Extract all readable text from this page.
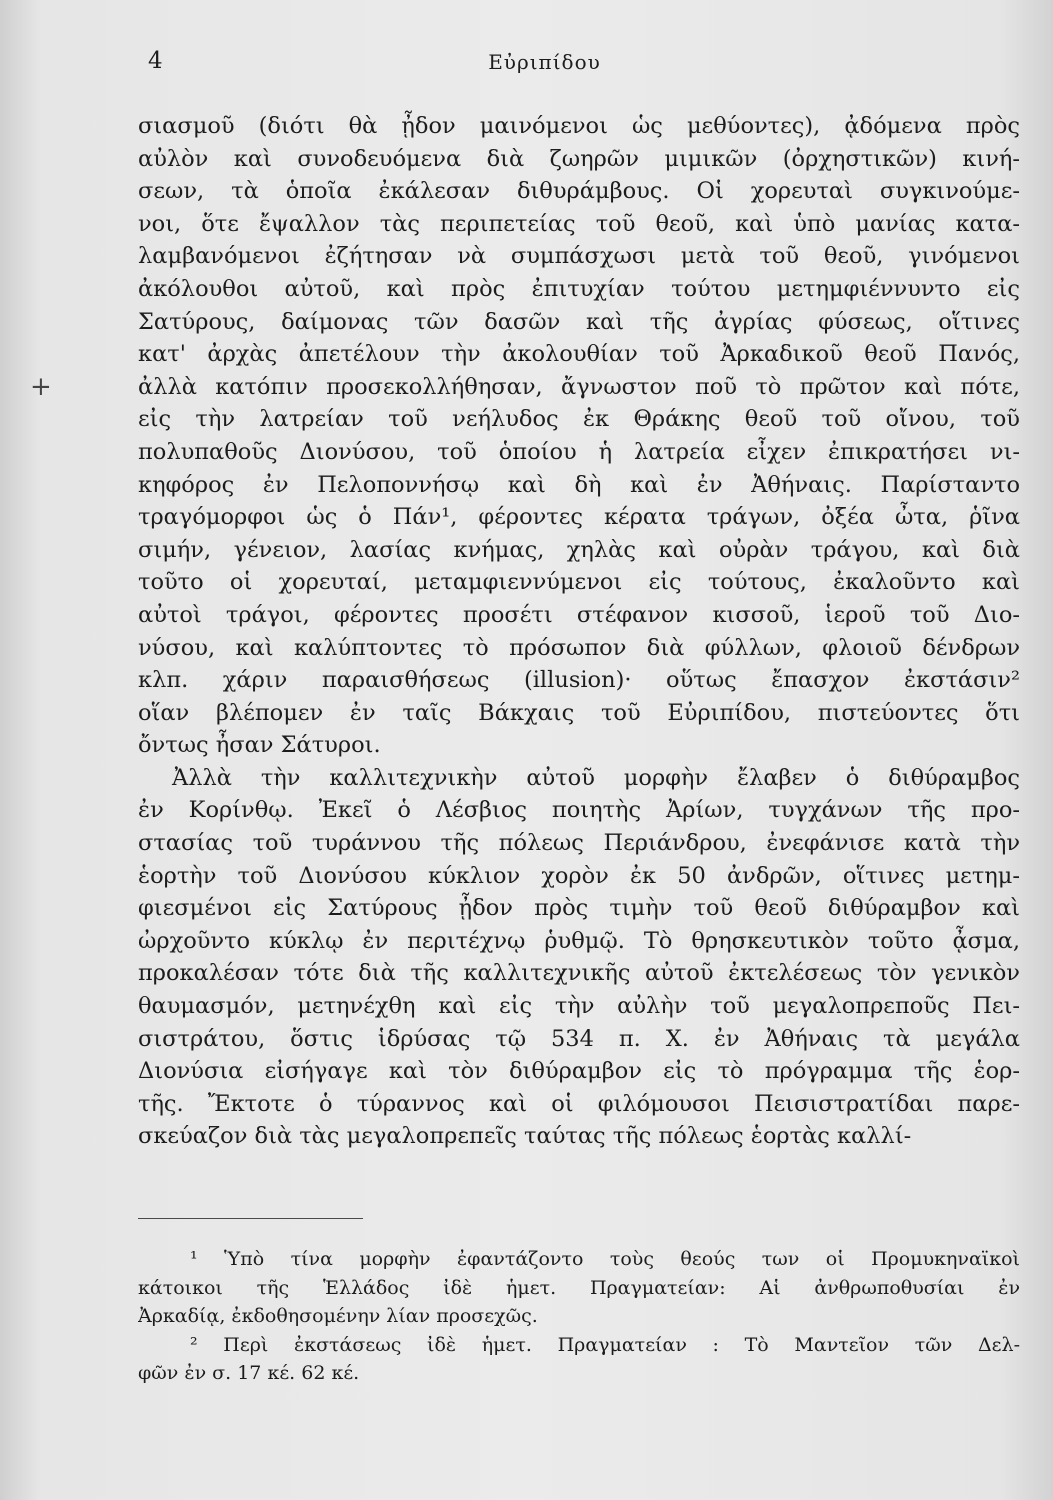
4	Εὐριπίδου
+
σιασμοῦ (διότι θὰ ᾖδον μαινόμενοι ὡς μεθύοντες), ᾀδόμενα πρὸς
αὐλὸν καὶ συνοδευόμενα διὰ ζωηρῶν μιμικῶν (ὀρχηστικῶν) κινή-
σεων, τὰ ὁποῖα ἐκάλεσαν διθυράμβους. Οἱ χορευταὶ συγκινούμε-
νοι, ὅτε ἔψαλλον τὰς περιπετείας τοῦ θεοῦ, καὶ ὑπὸ μανίας κατα-
λαμβανόμενοι ἐζήτησαν νὰ συμπάσχωσι μετὰ τοῦ θεοῦ, γινόμενοι
ἀκόλουθοι αὐτοῦ, καὶ πρὸς ἐπιτυχίαν τούτου μετημφιέννυντο εἰς
Σατύρους, δαίμονας τῶν δασῶν καὶ τῆς ἀγρίας φύσεως, οἵτινες
κατ' ἀρχὰς ἀπετέλουν τὴν ἀκολουθίαν τοῦ Ἀρκαδικοῦ θεοῦ Πανός,
ἀλλὰ κατόπιν προσεκολλήθησαν, ἄγνωστον ποῦ τὸ πρῶτον καὶ πότε,
εἰς τὴν λατρείαν τοῦ νεήλυδος ἐκ Θράκης θεοῦ τοῦ οἴνου, τοῦ
πολυπαθοῦς Διονύσου, τοῦ ὁποίου ἡ λατρεία εἶχεν ἐπικρατήσει νι-
κηφόρος ἐν Πελοποννήσῳ καὶ δὴ καὶ ἐν Ἀθήναις. Παρίσταντο
τραγόμορφοι ὡς ὁ Πάν¹, φέροντες κέρατα τράγων, ὀξέα ὦτα, ῥῖνα
σιμήν, γένειον, λασίας κνήμας, χηλὰς καὶ οὐρὰν τράγου, καὶ διὰ
τοῦτο οἱ χορευταί, μεταμφιεννύμενοι εἰς τούτους, ἐκαλοῦντο καὶ
αὐτοὶ τράγοι, φέροντες προσέτι στέφανον κισσοῦ, ἱεροῦ τοῦ Διο-
νύσου, καὶ καλύπτοντες τὸ πρόσωπον διὰ φύλλων, φλοιοῦ δένδρων
κλπ. χάριν παραισθήσεως (illusion)· οὕτως ἔπασχον ἐκστάσιν²
οἵαν βλέπομεν ἐν ταῖς Βάκχαις τοῦ Εὐριπίδου, πιστεύοντες ὅτι
ὄντως ἦσαν Σάτυροι.
Ἀλλὰ τὴν καλλιτεχνικὴν αὐτοῦ μορφὴν ἔλαβεν ὁ διθύραμβος
ἐν Κορίνθῳ. Ἐκεῖ ὁ Λέσβιος ποιητὴς Ἀρίων, τυγχάνων τῆς προ-
στασίας τοῦ τυράννου τῆς πόλεως Περιάνδρου, ἐνεφάνισε κατὰ τὴν
ἑορτὴν τοῦ Διονύσου κύκλιον χορὸν ἐκ 50 ἀνδρῶν, οἵτινες μετημ-
φιεσμένοι εἰς Σατύρους ᾖδον πρὸς τιμὴν τοῦ θεοῦ διθύραμβον καὶ
ὠρχοῦντο κύκλῳ ἐν περιτέχνῳ ῥυθμῷ. Τὸ θρησκευτικὸν τοῦτο ᾆσμα,
προκαλέσαν τότε διὰ τῆς καλλιτεχνικῆς αὐτοῦ ἐκτελέσεως τὸν γενικὸν
θαυμασμόν, μετηνέχθη καὶ εἰς τὴν αὐλὴν τοῦ μεγαλοπρεποῦς Πει-
σιστράτου, ὅστις ἱδρύσας τῷ 534 π. Χ. ἐν Ἀθήναις τὰ μεγάλα
Διονύσια εἰσήγαγε καὶ τὸν διθύραμβον εἰς τὸ πρόγραμμα τῆς ἑορ-
τῆς. Ἔκτοτε ὁ τύραννος καὶ οἱ φιλόμουσοι Πεισιστρατίδαι παρε-
σκεύαζον διὰ τὰς μεγαλοπρεπεῖς ταύτας τῆς πόλεως ἑορτὰς καλλί-
¹ Ὑπὸ τίνα μορφὴν ἐφαντάζοντο τοὺς θεούς των οἱ Προμυκηναϊκοὶ
κάτοικοι τῆς Ἑλλάδος ἰδὲ ἡμετ. Πραγματείαν: Αἱ ἀνθρωποθυσίαι ἐν
Ἀρκαδίᾳ, ἐκδοθησομένην λίαν προσεχῶς.
² Περὶ ἐκστάσεως ἰδὲ ἡμετ. Πραγματείαν : Τὸ Μαντεῖον τῶν Δελ-
φῶν ἐν σ. 17 κέ. 62 κέ.
